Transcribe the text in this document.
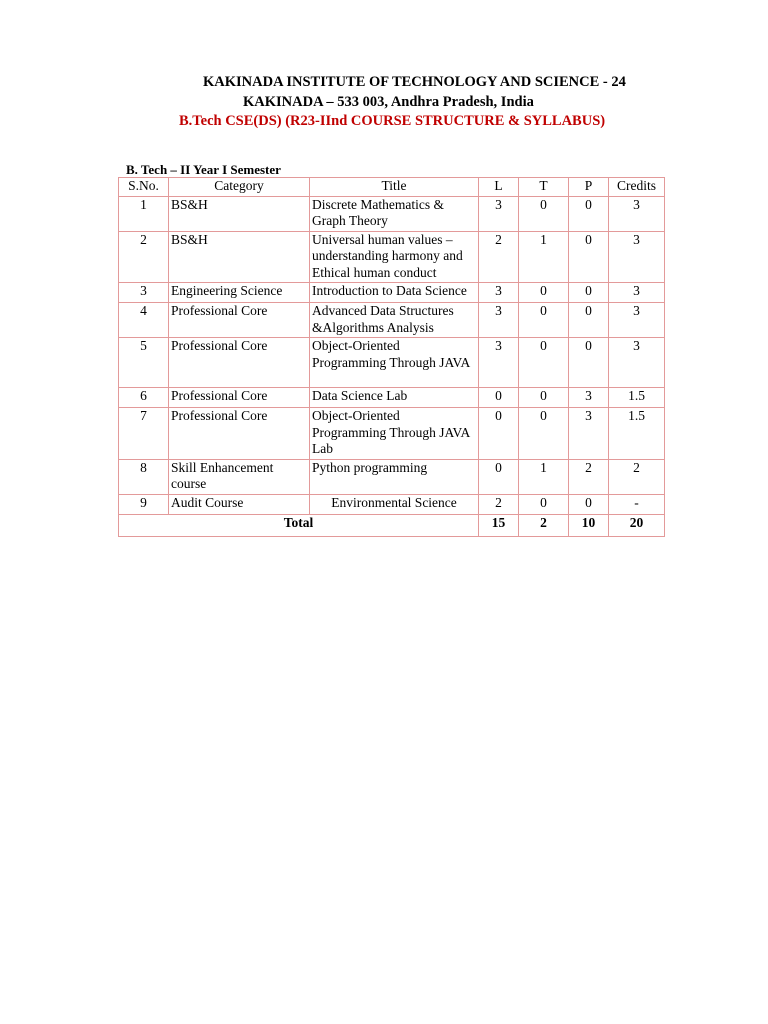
KAKINADA INSTITUTE OF TECHNOLOGY AND SCIENCE - 24
KAKINADA – 533 003, Andhra Pradesh, India
B.Tech CSE(DS) (R23-IInd COURSE STRUCTURE & SYLLABUS)
B. Tech – II Year I Semester
S.No.	Category	Title	L	T	P	Credits
1	BS&H	Discrete Mathematics & Graph Theory	3	0	0	3
2	BS&H	Universal human values – understanding harmony and Ethical human conduct	2	1	0	3
3	Engineering Science	Introduction to Data Science	3	0	0	3
4	Professional Core	Advanced Data Structures &Algorithms Analysis	3	0	0	3
5	Professional Core	Object-Oriented Programming Through JAVA	3	0	0	3
6	Professional Core	Data Science Lab	0	0	3	1.5
7	Professional Core	Object-Oriented Programming Through JAVA Lab	0	0	3	1.5
8	Skill Enhancement course	Python programming	0	1	2	2
9	Audit Course	Environmental Science	2	0	0	-
Total			15	2	10	20
